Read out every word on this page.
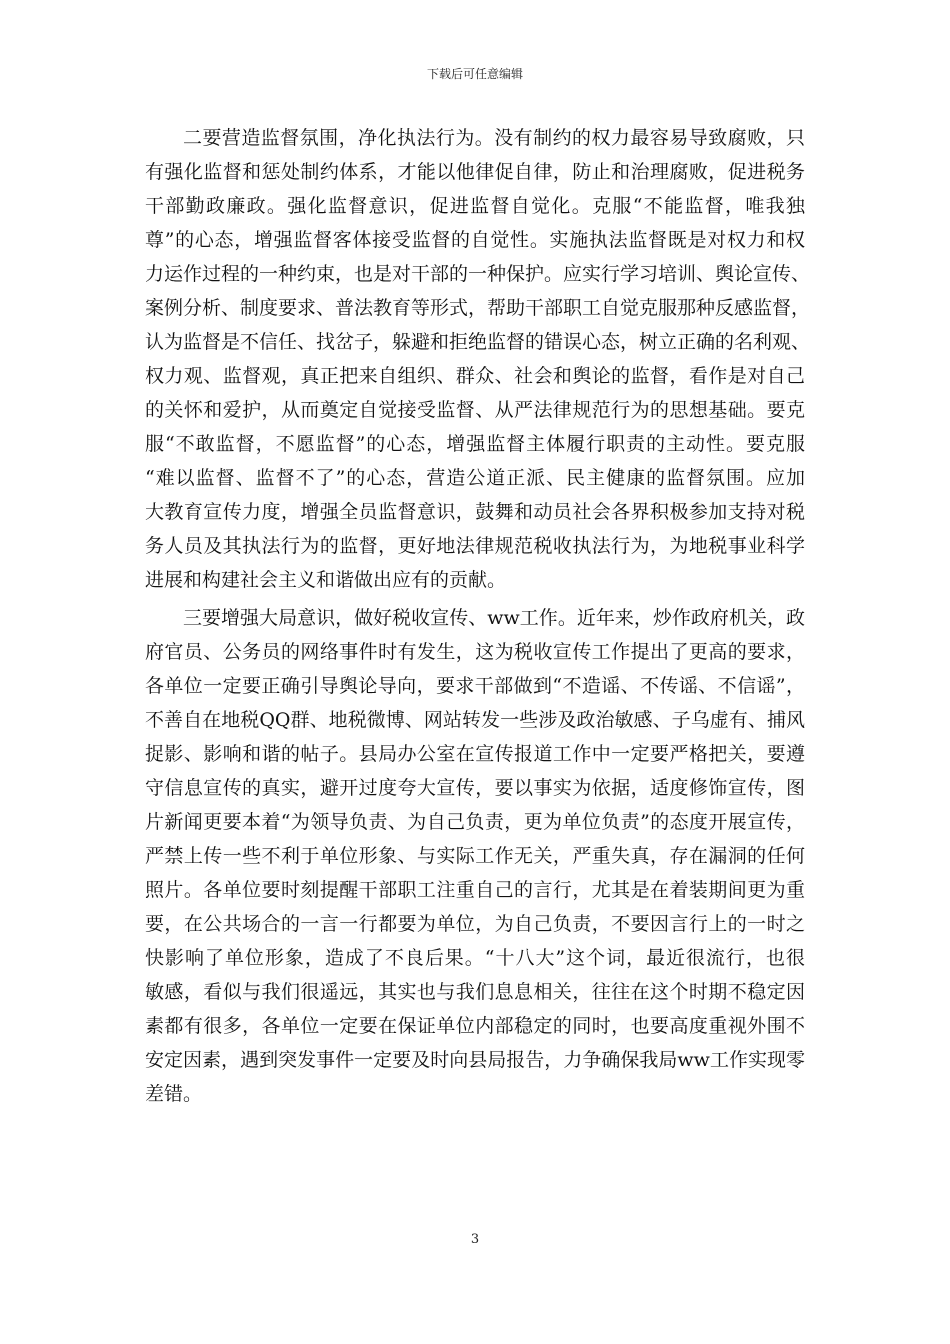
下载后可任意编辑
二要营造监督氛围，净化执法行为。没有制约的权力最容易导致腐败，只
有强化监督和惩处制约体系，才能以他律促自律，防止和治理腐败，促进税务
干部勤政廉政。强化监督意识，促进监督自觉化。克服“不能监督，唯我独
尊”的心态，增强监督客体接受监督的自觉性。实施执法监督既是对权力和权
力运作过程的一种约束，也是对干部的一种保护。应实行学习培训、舆论宣传、
案例分析、制度要求、普法教育等形式，帮助干部职工自觉克服那种反感监督，
认为监督是不信任、找岔子，躲避和拒绝监督的错误心态，树立正确的名利观、
权力观、监督观，真正把来自组织、群众、社会和舆论的监督，看作是对自己
的关怀和爱护，从而奠定自觉接受监督、从严法律规范行为的思想基础。要克
服“不敢监督，不愿监督”的心态，增强监督主体履行职责的主动性。要克服
“难以监督、监督不了”的心态，营造公道正派、民主健康的监督氛围。应加
大教育宣传力度，增强全员监督意识，鼓舞和动员社会各界积极参加支持对税
务人员及其执法行为的监督，更好地法律规范税收执法行为，为地税事业科学
进展和构建社会主义和谐做出应有的贡献。
三要增强大局意识，做好税收宣传、ww工作。近年来，炒作政府机关，政
府官员、公务员的网络事件时有发生，这为税收宣传工作提出了更高的要求，
各单位一定要正确引导舆论导向，要求干部做到“不造谣、不传谣、不信谣”，
不善自在地税QQ群、地税微博、网站转发一些涉及政治敏感、子乌虚有、捕风
捉影、影响和谐的帖子。县局办公室在宣传报道工作中一定要严格把关，要遵
守信息宣传的真实，避开过度夸大宣传，要以事实为依据，适度修饰宣传，图
片新闻更要本着“为领导负责、为自己负责，更为单位负责”的态度开展宣传，
严禁上传一些不利于单位形象、与实际工作无关，严重失真，存在漏洞的任何
照片。各单位要时刻提醒干部职工注重自己的言行，尤其是在着装期间更为重
要，在公共场合的一言一行都要为单位，为自己负责，不要因言行上的一时之
快影响了单位形象，造成了不良后果。“十八大”这个词，最近很流行，也很
敏感，看似与我们很遥远，其实也与我们息息相关，往往在这个时期不稳定因
素都有很多，各单位一定要在保证单位内部稳定的同时，也要高度重视外围不
安定因素，遇到突发事件一定要及时向县局报告，力争确保我局ww工作实现零
差错。
3
